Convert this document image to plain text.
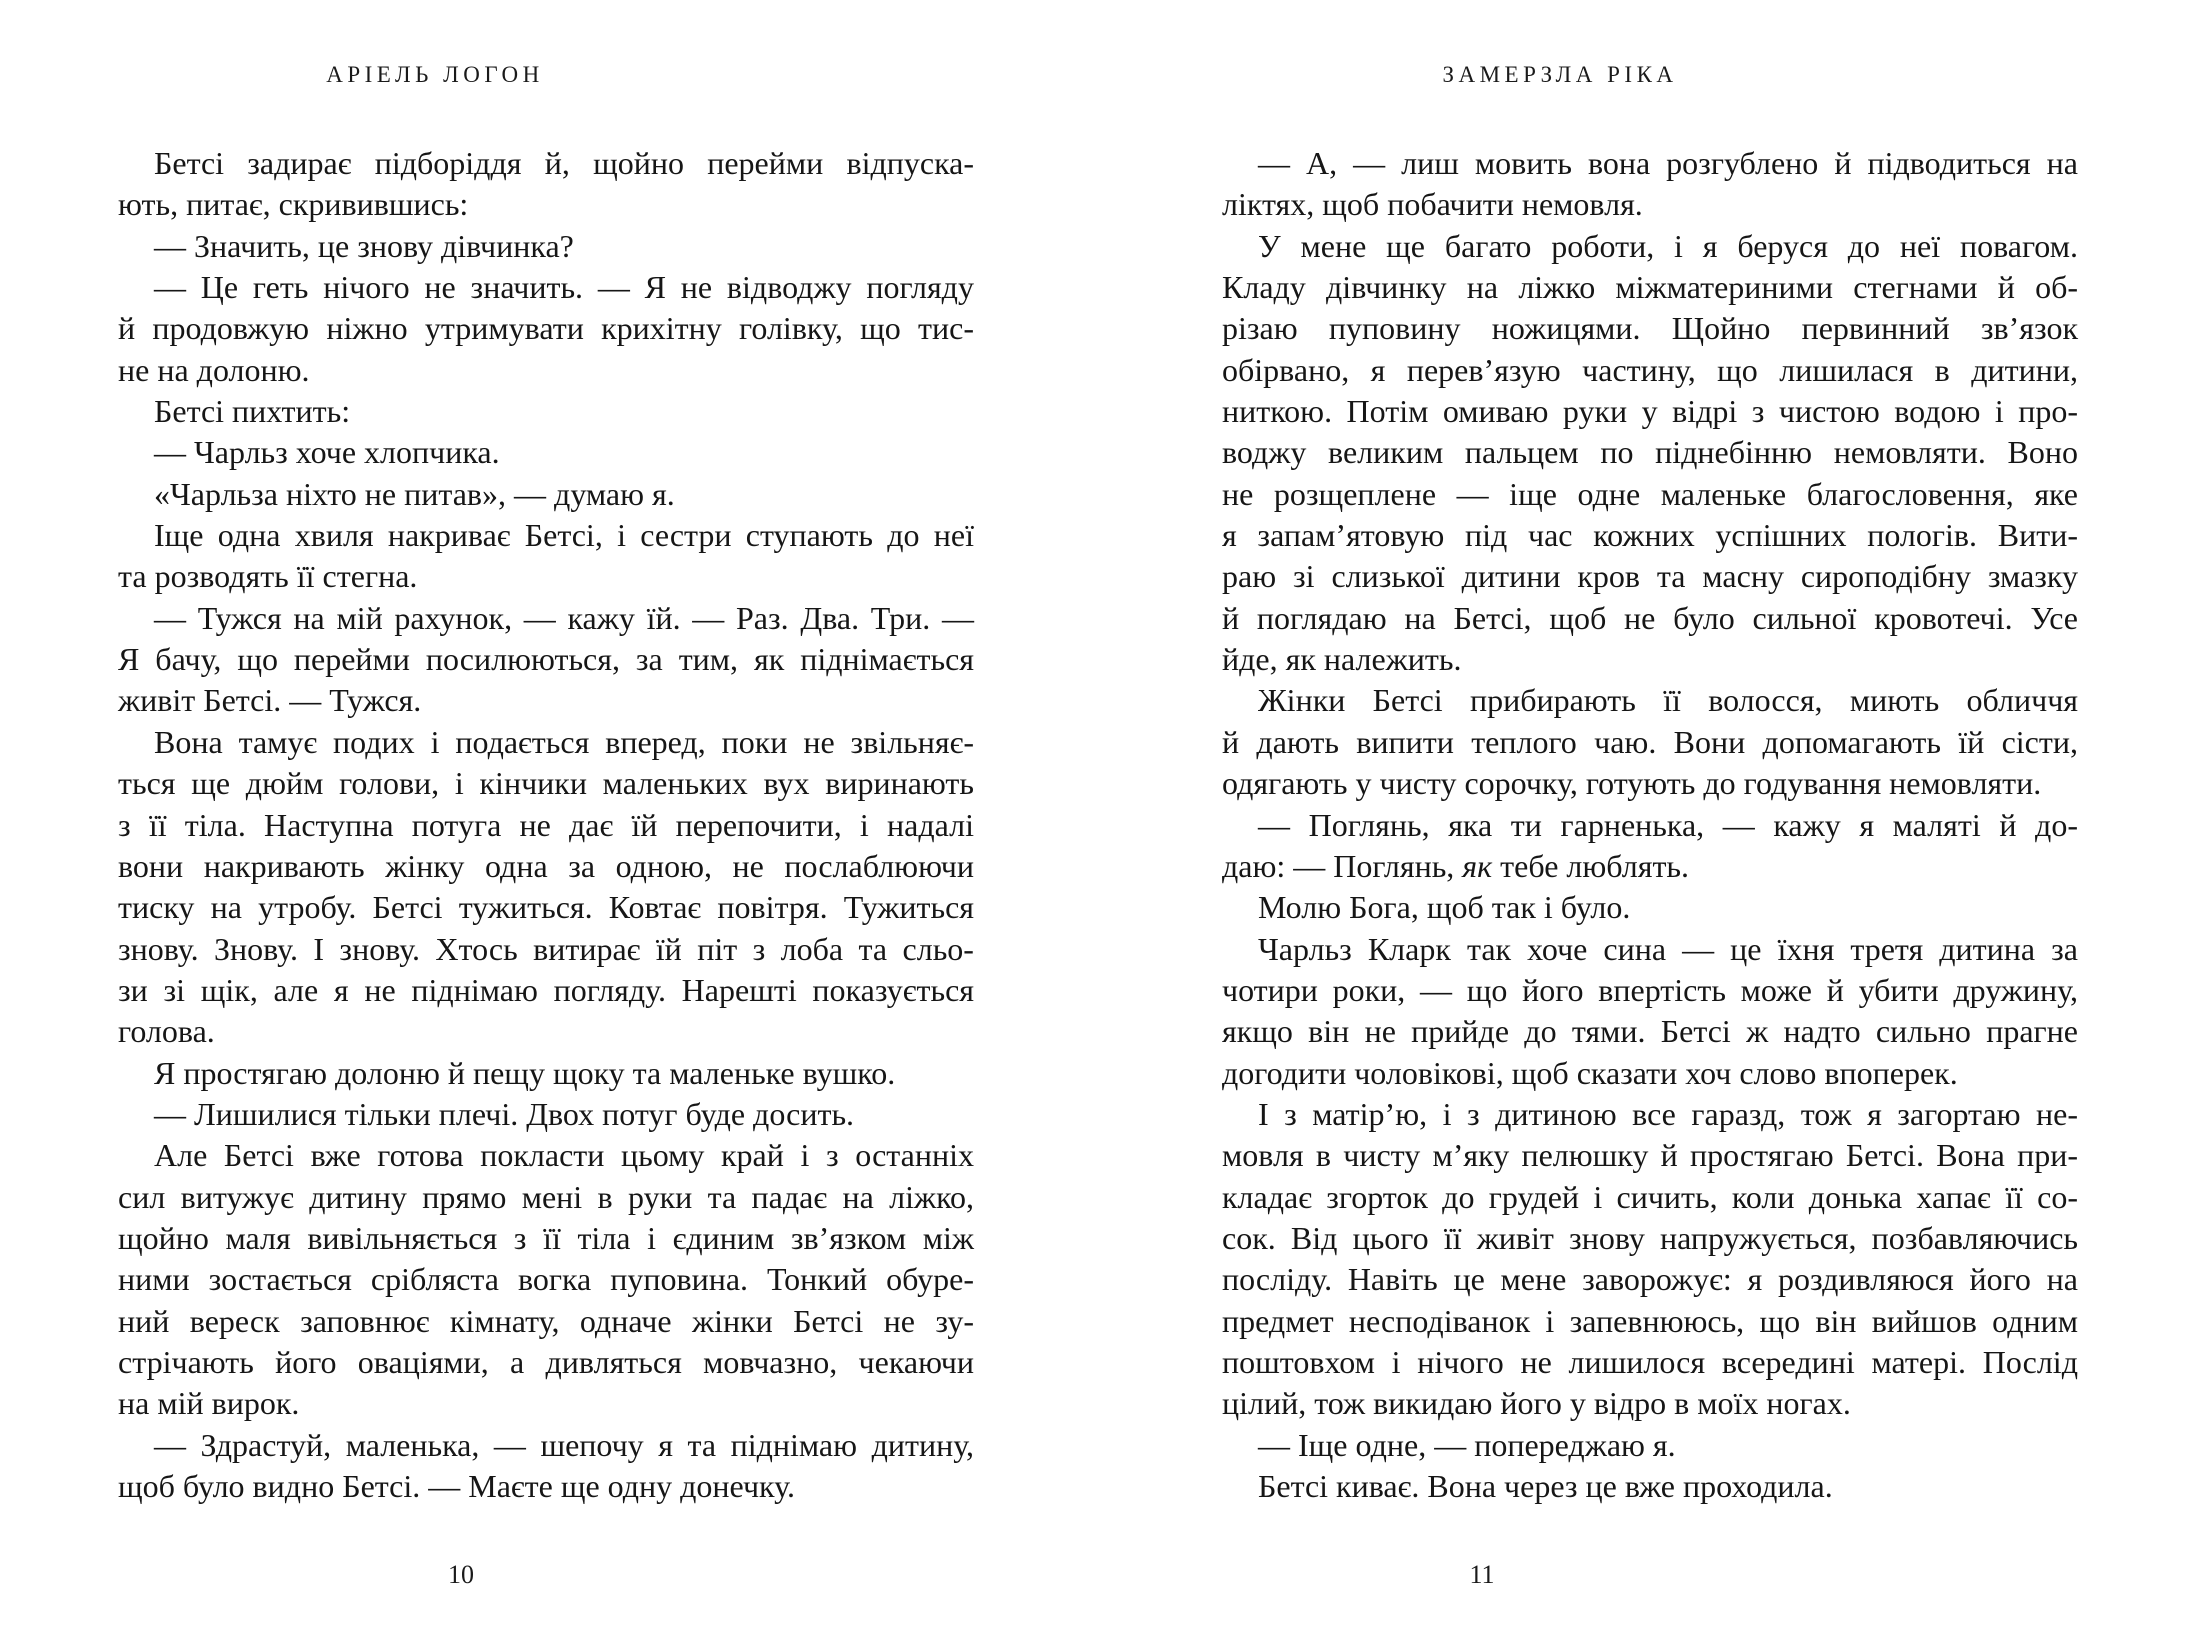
АРІЕЛЬ ЛОГОН
Бетсі задирає підборіддя й, щойно перейми відпуска-
ють, питає, скривившись:
— Значить, це знову дівчинка?
— Це геть нічого не значить. — Я не відводжу погляду
й продовжую ніжно утримувати крихітну голівку, що тис-
не на долоню.
Бетсі пихтить:
— Чарльз хоче хлопчика.
«Чарльза ніхто не питав», — думаю я.
Іще одна хвиля накриває Бетсі, і сестри ступають до неї
та розводять її стегна.
— Тужся на мій рахунок, — кажу їй. — Раз. Два. Три. —
Я бачу, що перейми посилюються, за тим, як піднімається
живіт Бетсі. — Тужся.
Вона тамує подих і подається вперед, поки не звільняє-
ться ще дюйм голови, і кінчики маленьких вух виринають
з її тіла. Наступна потуга не дає їй перепочити, і надалі
вони накривають жінку одна за одною, не послаблюючи
тиску на утробу. Бетсі тужиться. Ковтає повітря. Тужиться
знову. Знову. І знову. Хтось витирає їй піт з лоба та сльо-
зи зі щік, але я не піднімаю погляду. Нарешті показується
голова.
Я простягаю долоню й пещу щоку та маленьке вушко.
— Лишилися тільки плечі. Двох потуг буде досить.
Але Бетсі вже готова покласти цьому край і з останніх
сил витужує дитину прямо мені в руки та падає на ліжко,
щойно маля вивільняється з її тіла і єдиним зв’язком між
ними зостається срібляста вогка пуповина. Тонкий обуре-
ний вереск заповнює кімнату, одначе жінки Бетсі не зу-
стрічають його оваціями, а дивляться мовчазно, чекаючи
на мій вирок.
— Здрастуй, маленька, — шепочу я та піднімаю дитину,
щоб було видно Бетсі. — Маєте ще одну донечку.
10
ЗАМЕРЗЛА РІКА
— А, — лиш мовить вона розгублено й підводиться на
ліктях, щоб побачити немовля.
У мене ще багато роботи, і я беруся до неї повагом.
Кладу дівчинку на ліжко міжматериними стегнами й об-
різаю пуповину ножицями. Щойно первинний зв’язок
обірвано, я перев’язую частину, що лишилася в дитини,
ниткою. Потім омиваю руки у відрі з чистою водою і про-
воджу великим пальцем по піднебінню немовляти. Воно
не розщеплене — іще одне маленьке благословення, яке
я запам’ятовую під час кожних успішних пологів. Вити-
раю зі слизької дитини кров та масну сироподібну змазку
й поглядаю на Бетсі, щоб не було сильної кровотечі. Усе
йде, як належить.
Жінки Бетсі прибирають її волосся, миють обличчя
й дають випити теплого чаю. Вони допомагають їй сісти,
одягають у чисту сорочку, готують до годування немовляти.
— Поглянь, яка ти гарненька, — кажу я маляті й до-
даю: — Поглянь, як тебе люблять.
Молю Бога, щоб так і було.
Чарльз Кларк так хоче сина — це їхня третя дитина за
чотири роки, — що його впертість може й убити дружину,
якщо він не прийде до тями. Бетсі ж надто сильно прагне
догодити чоловікові, щоб сказати хоч слово впоперек.
І з матір’ю, і з дитиною все гаразд, тож я загортаю не-
мовля в чисту м’яку пелюшку й простягаю Бетсі. Вона при-
кладає згорток до грудей і сичить, коли донька хапає її со-
сок. Від цього її живіт знову напружується, позбавляючись
посліду. Навіть це мене заворожує: я роздивляюся його на
предмет несподіванок і запевнююсь, що він вийшов одним
поштовхом і нічого не лишилося всередині матері. Послід
цілий, тож викидаю його у відро в моїх ногах.
— Іще одне, — попереджаю я.
Бетсі киває. Вона через це вже проходила.
11
